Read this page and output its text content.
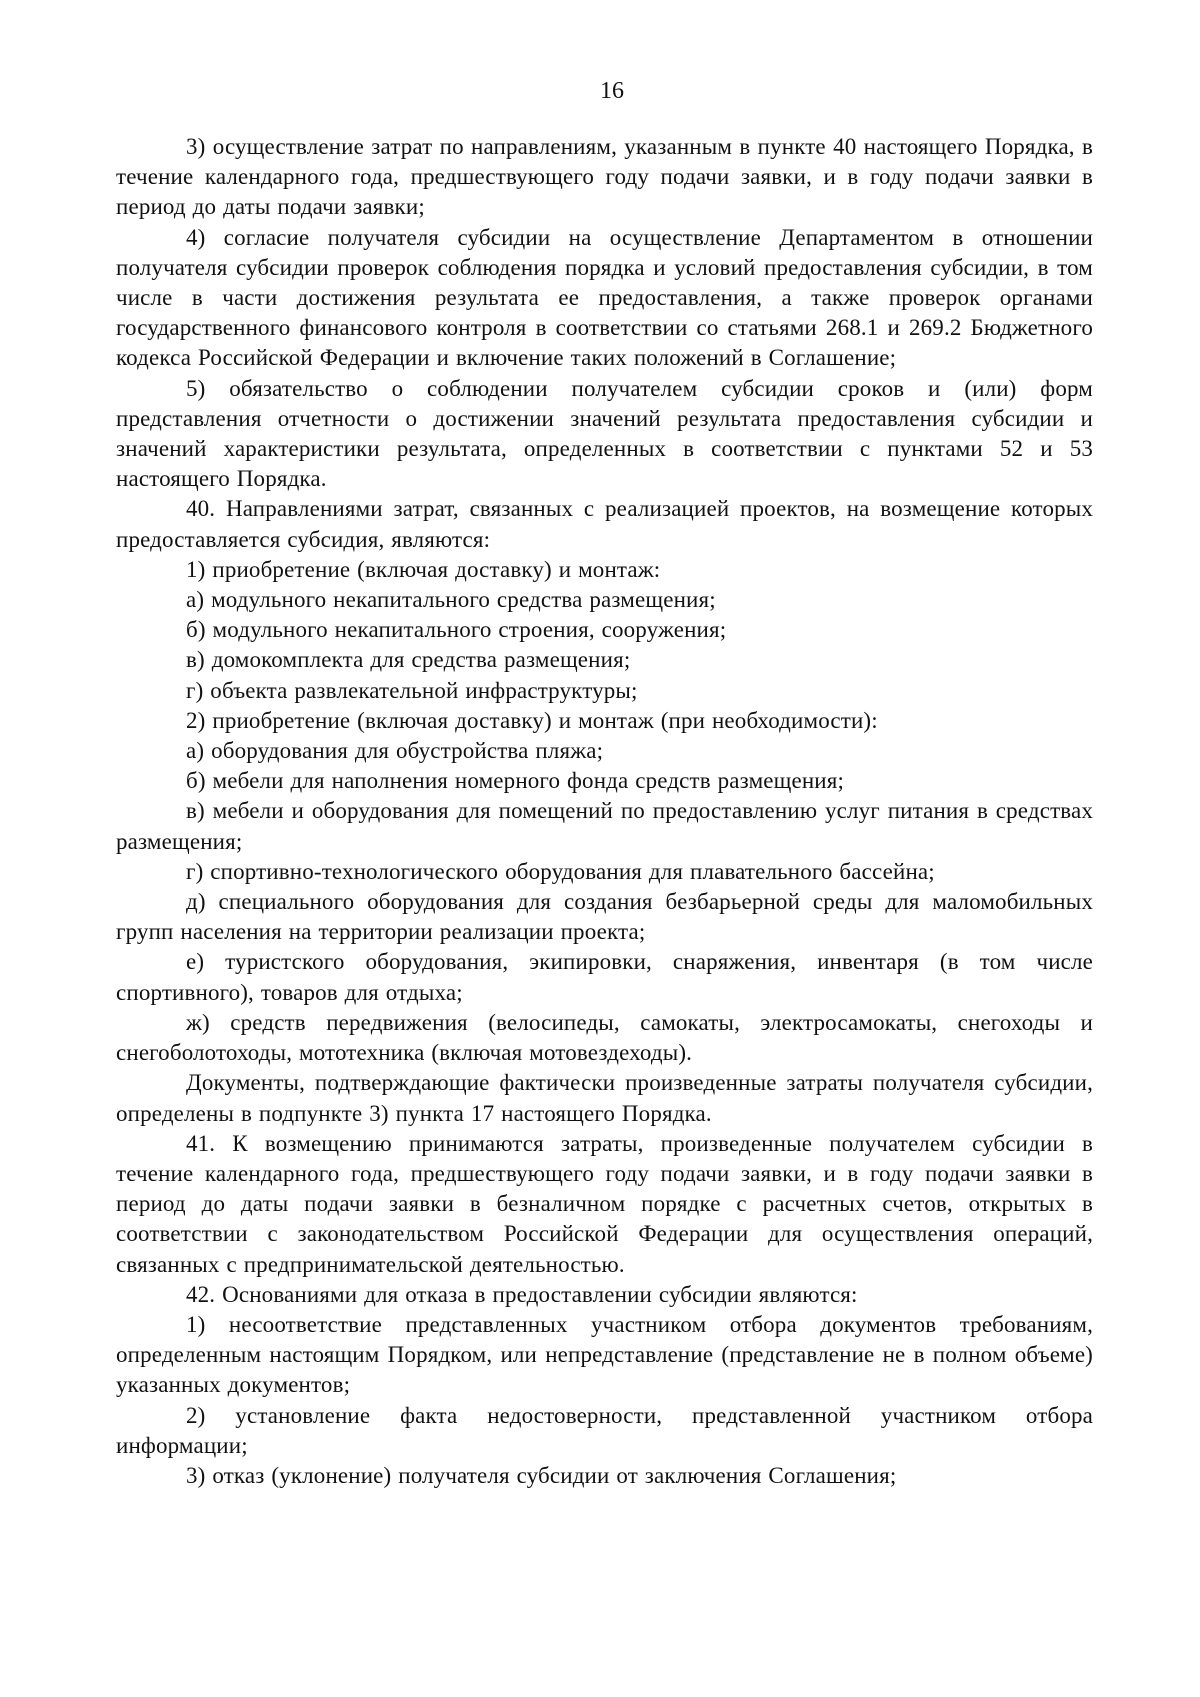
16

3) осуществление затрат по направлениям, указанным в пункте 40 настоящего Порядка, в течение календарного года, предшествующего году подачи заявки, и в году подачи заявки в период до даты подачи заявки;

4) согласие получателя субсидии на осуществление Департаментом в отношении получателя субсидии проверок соблюдения порядка и условий предоставления субсидии, в том числе в части достижения результата ее предоставления, а также проверок органами государственного финансового контроля в соответствии со статьями 268.1 и 269.2 Бюджетного кодекса Российской Федерации и включение таких положений в Соглашение;

5) обязательство о соблюдении получателем субсидии сроков и (или) форм представления отчетности о достижении значений результата предоставления субсидии и значений характеристики результата, определенных в соответствии с пунктами 52 и 53 настоящего Порядка.

40. Направлениями затрат, связанных с реализацией проектов, на возмещение которых предоставляется субсидия, являются:

1) приобретение (включая доставку) и монтаж:

а) модульного некапитального средства размещения;

б) модульного некапитального строения, сооружения;

в) домокомплекта для средства размещения;

г) объекта развлекательной инфраструктуры;

2) приобретение (включая доставку) и монтаж (при необходимости):

а) оборудования для обустройства пляжа;

б) мебели для наполнения номерного фонда средств размещения;

в) мебели и оборудования для помещений по предоставлению услуг питания в средствах размещения;

г) спортивно-технологического оборудования для плавательного бассейна;

д) специального оборудования для создания безбарьерной среды для маломобильных групп населения на территории реализации проекта;

е) туристского оборудования, экипировки, снаряжения, инвентаря (в том числе спортивного), товаров для отдыха;

ж) средств передвижения (велосипеды, самокаты, электросамокаты, снегоходы и снегоболотоходы, мототехника (включая мотовездеходы).

Документы, подтверждающие фактически произведенные затраты получателя субсидии, определены в подпункте 3) пункта 17 настоящего Порядка.

41. К возмещению принимаются затраты, произведенные получателем субсидии в течение календарного года, предшествующего году подачи заявки, и в году подачи заявки в период до даты подачи заявки в безналичном порядке с расчетных счетов, открытых в соответствии с законодательством Российской Федерации для осуществления операций, связанных с предпринимательской деятельностью.

42. Основаниями для отказа в предоставлении субсидии являются:

1) несоответствие представленных участником отбора документов требованиям, определенным настоящим Порядком, или непредставление (представление не в полном объеме) указанных документов;

2) установление факта недостоверности, представленной участником отбора информации;

3) отказ (уклонение) получателя субсидии от заключения Соглашения;
